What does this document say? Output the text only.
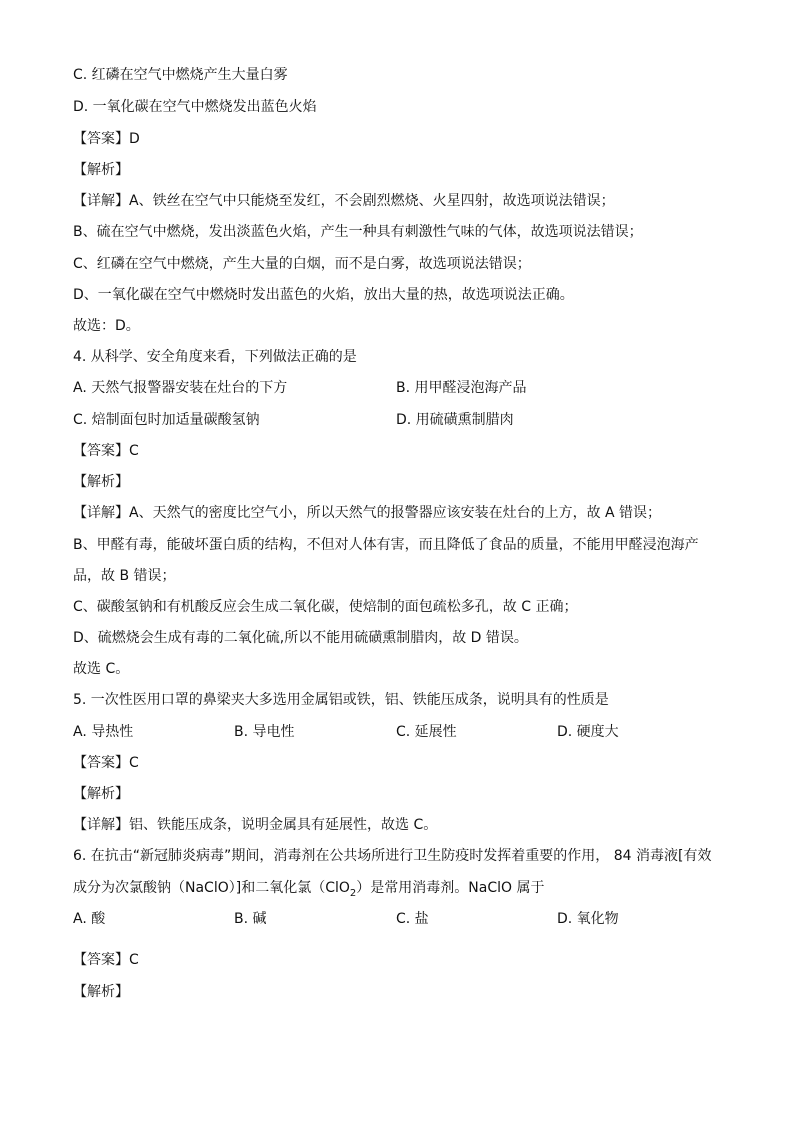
C. 红磷在空气中燃烧产生大量白雾
D. 一氧化碳在空气中燃烧发出蓝色火焰
【答案】D
【解析】
【详解】A、铁丝在空气中只能烧至发红，不会剧烈燃烧、火星四射，故选项说法错误；
B、硫在空气中燃烧，发出淡蓝色火焰，产生一种具有刺激性气味的气体，故选项说法错误；
C、红磷在空气中燃烧，产生大量的白烟，而不是白雾，故选项说法错误；
D、一氧化碳在空气中燃烧时发出蓝色的火焰，放出大量的热，故选项说法正确。
故选：D。
4. 从科学、安全角度来看，下列做法正确的是
A. 天然气报警器安装在灶台的下方	B. 用甲醛浸泡海产品
C. 焙制面包时加适量碳酸氢钠	D. 用硫磺熏制腊肉
【答案】C
【解析】
【详解】A、天然气的密度比空气小，所以天然气的报警器应该安装在灶台的上方，故 A 错误；
B、甲醛有毒，能破坏蛋白质的结构，不但对人体有害，而且降低了食品的质量，不能用甲醛浸泡海产
品，故 B 错误；
C、碳酸氢钠和有机酸反应会生成二氧化碳，使焙制的面包疏松多孔，故 C 正确；
D、硫燃烧会生成有毒的二氧化硫,所以不能用硫磺熏制腊肉，故 D 错误。
故选 C。
5. 一次性医用口罩的鼻梁夹大多选用金属铝或铁，铝、铁能压成条，说明具有的性质是
A. 导热性	B. 导电性	C. 延展性	D. 硬度大
【答案】C
【解析】
【详解】铝、铁能压成条，说明金属具有延展性，故选 C。
6. 在抗击“新冠肺炎病毒”期间，消毒剂在公共场所进行卫生防疫时发挥着重要的作用， 84 消毒液[有效
成分为次氯酸钠（NaClO）]和二氧化氯（ClO$_2$）是常用消毒剂。NaClO 属于
A. 酸	B. 碱	C. 盐	D. 氧化物
【答案】C
【解析】
